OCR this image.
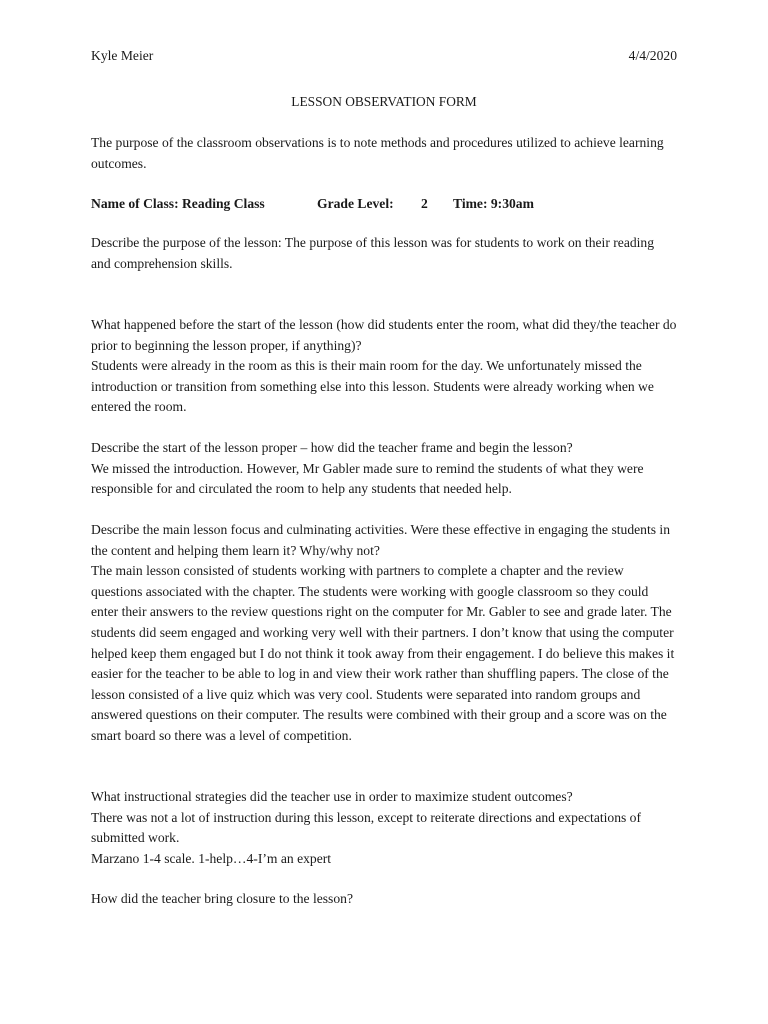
Kyle Meier	4/4/2020
LESSON OBSERVATION FORM

The purpose of the classroom observations is to note methods and procedures utilized to achieve learning outcomes.

Name of Class: Reading Class	Grade Level: 2 Time: 9:30am

Describe the purpose of the lesson: The purpose of this lesson was for students to work on their reading and comprehension skills.

What happened before the start of the lesson (how did students enter the room, what did they/the teacher do prior to beginning the lesson proper, if anything)?

Students were already in the room as this is their main room for the day. We unfortunately missed the introduction or transition from something else into this lesson. Students were already working when we entered the room.

Describe the start of the lesson proper – how did the teacher frame and begin the lesson?

We missed the introduction. However, Mr Gabler made sure to remind the students of what they were responsible for and circulated the room to help any students that needed help.

Describe the main lesson focus and culminating activities. Were these effective in engaging the students in the content and helping them learn it? Why/why not?

The main lesson consisted of students working with partners to complete a chapter and the review questions associated with the chapter. The students were working with google classroom so they could enter their answers to the review questions right on the computer for Mr. Gabler to see and grade later. The students did seem engaged and working very well with their partners. I don’t know that using the computer helped keep them engaged but I do not think it took away from their engagement. I do believe this makes it easier for the teacher to be able to log in and view their work rather than shuffling papers. The close of the lesson consisted of a live quiz which was very cool. Students were separated into random groups and answered questions on their computer. The results were combined with their group and a score was on the smart board so there was a level of competition.

What instructional strategies did the teacher use in order to maximize student outcomes?

There was not a lot of instruction during this lesson, except to reiterate directions and expectations of submitted work.

Marzano 1-4 scale. 1-help…4-I’m an expert

How did the teacher bring closure to the lesson?
